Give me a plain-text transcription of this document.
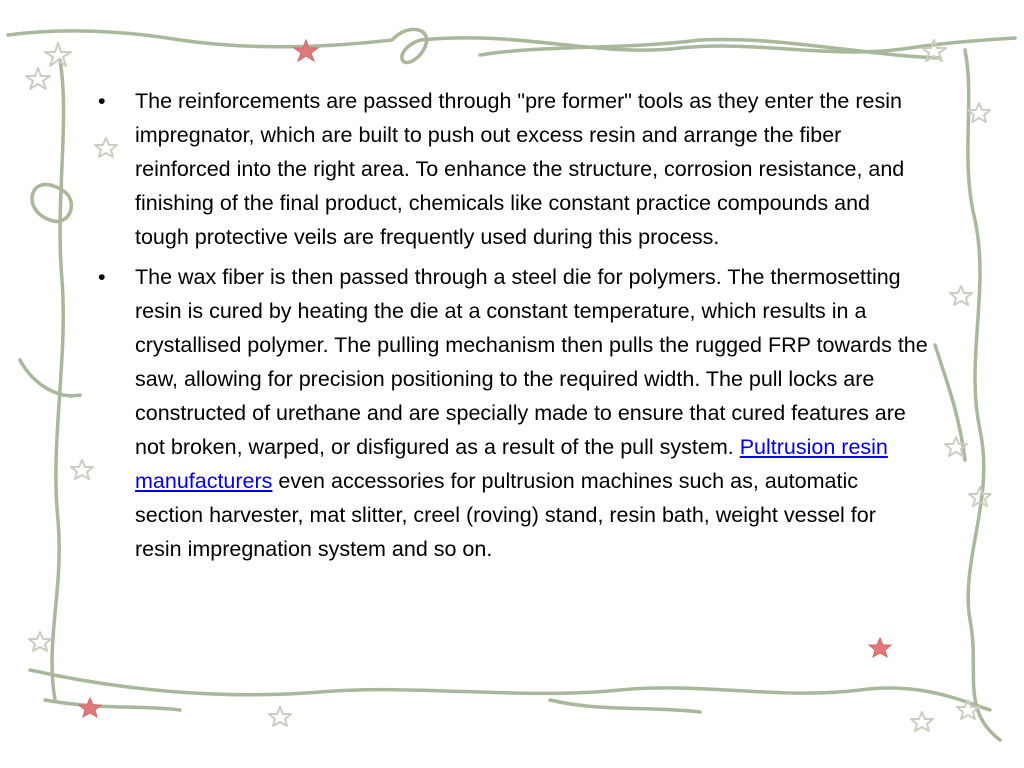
•	The reinforcements are passed through "pre former" tools as they enter the resin impregnator, which are built to push out excess resin and arrange the fiber reinforced into the right area. To enhance the structure, corrosion resistance, and finishing of the final product, chemicals like constant practice compounds and tough protective veils are frequently used during this process.
•	The wax fiber is then passed through a steel die for polymers. The thermosetting resin is cured by heating the die at a constant temperature, which results in a crystallised polymer. The pulling mechanism then pulls the rugged FRP towards the saw, allowing for precision positioning to the required width. The pull locks are constructed of urethane and are specially made to ensure that cured features are not broken, warped, or disfigured as a result of the pull system. Pultrusion resin manufacturers even accessories for pultrusion machines such as, automatic section harvester, mat slitter, creel (roving) stand, resin bath, weight vessel for resin impregnation system and so on.
